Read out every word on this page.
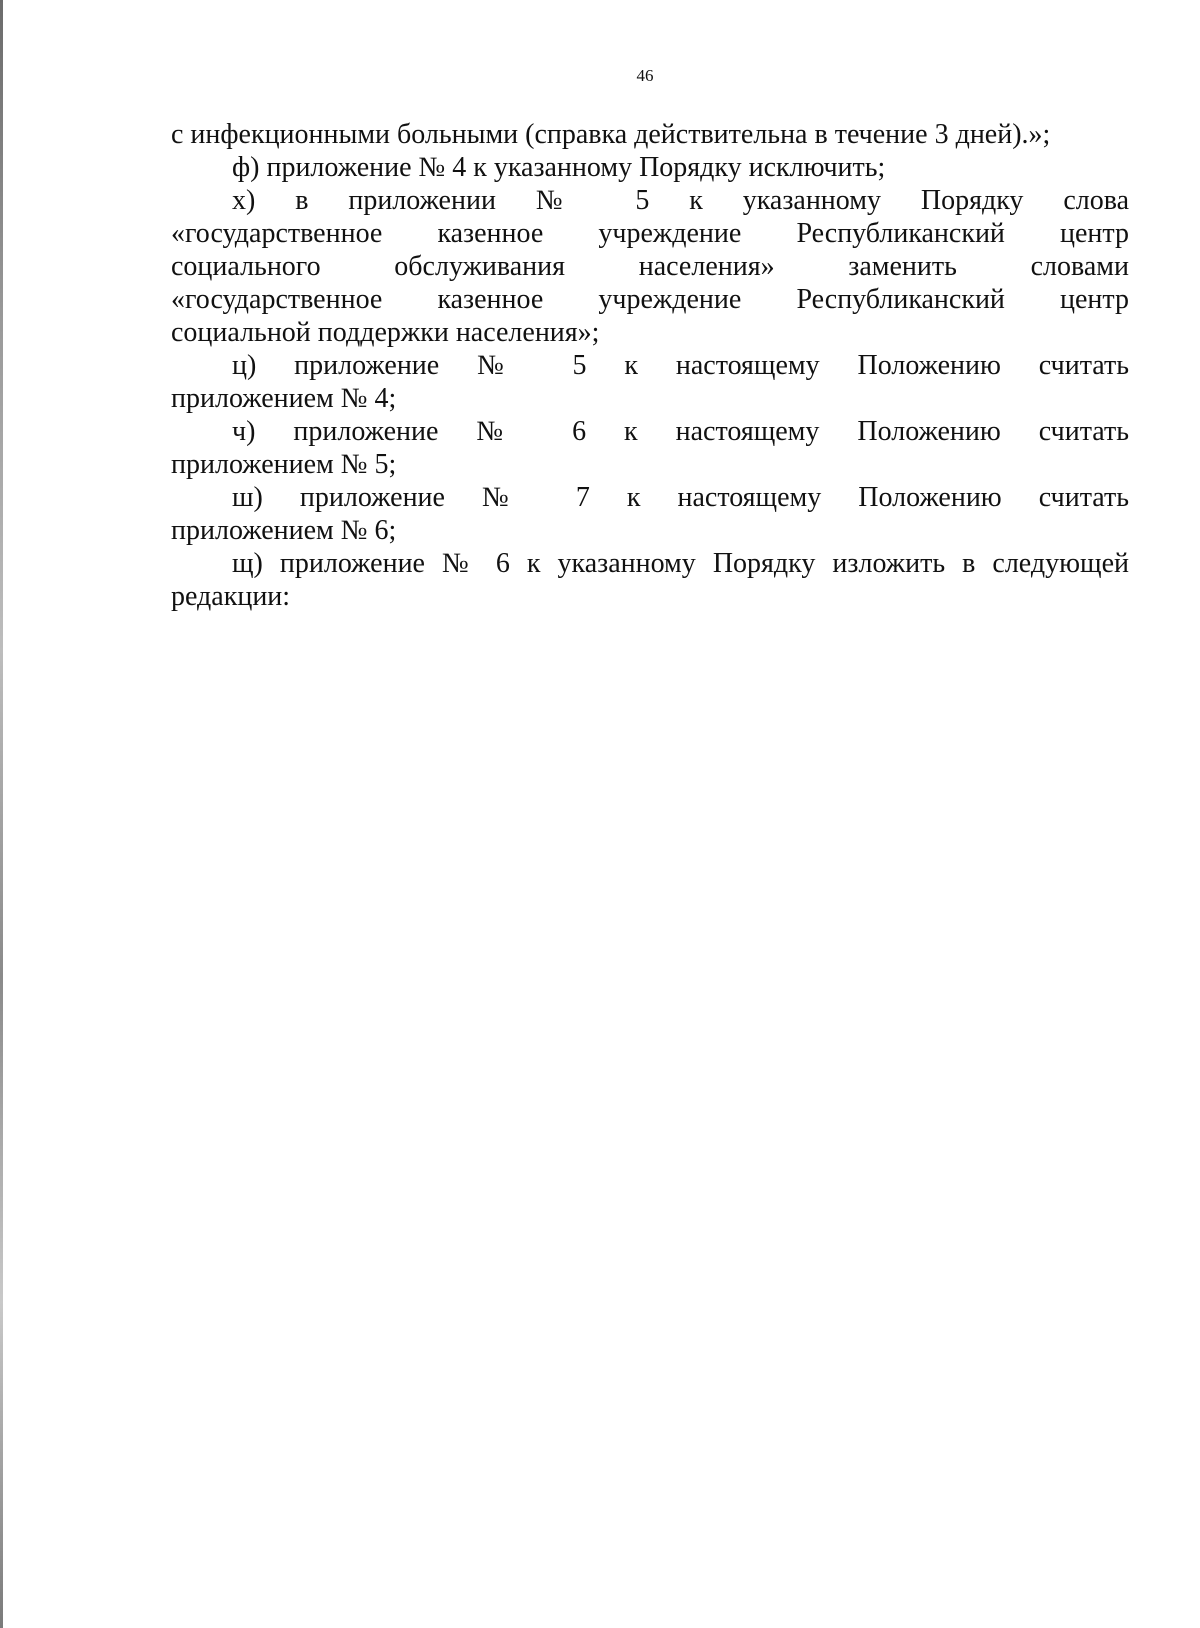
46

с инфекционными больными (справка действительна в течение 3 дней).»;

ф) приложение № 4 к указанному Порядку исключить;

х) в приложении № 5 к указанному Порядку слова
«государственное казенное учреждение Республиканский центр
социального обслуживания населения» заменить словами
«государственное казенное учреждение Республиканский центр
социальной поддержки населения»;

ц) приложение № 5 к настоящему Положению считать
приложением № 4;

ч) приложение № 6 к настоящему Положению считать
приложением № 5;

ш) приложение № 7 к настоящему Положению считать
приложением № 6;

щ) приложение № 6 к указанному Порядку изложить в следующей
редакции:
